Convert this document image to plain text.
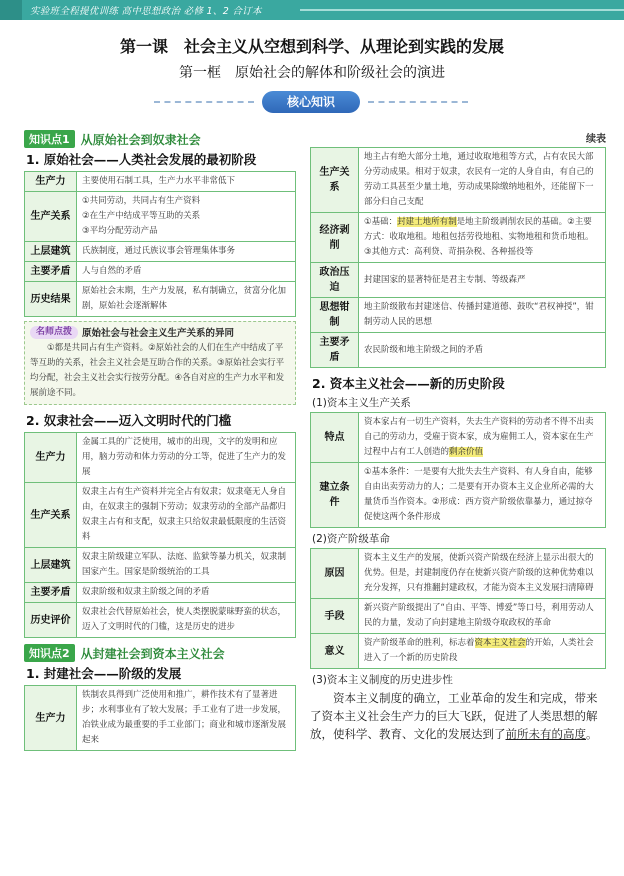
实验班全程提优训练 高中思想政治 必修 1、2 合订本
第一课　社会主义从空想到科学、从理论到实践的发展
第一框　原始社会的解体和阶级社会的演进
核心知识
知识点1 从原始社会到奴隶社会
1. 原始社会——人类社会发展的最初阶段
生产力	主要使用石制工具，生产力水平非常低下
生产关系	①共同劳动，共同占有生产资料
②在生产中结成平等互助的关系
③平均分配劳动产品
上层建筑	氏族制度，通过氏族议事会管理集体事务
主要矛盾	人与自然的矛盾
历史结果	原始社会末期，生产力发展，私有制确立，贫富分化加剧，原始社会逐渐解体
名师点拨	原始社会与社会主义生产关系的异同
①都是共同占有生产资料。②原始社会的人们在生产中结成了平等互助的关系，社会主义社会是互助合作的关系。③原始社会实行平均分配，社会主义社会实行按劳分配。④各自对应的生产力水平和发展前途不同。
2. 奴隶社会——迈入文明时代的门槛
生产力	金属工具的广泛使用，城市的出现，文字的发明和应用，脑力劳动和体力劳动的分工等，促进了生产力的发展
生产关系	奴隶主占有生产资料并完全占有奴隶；奴隶毫无人身自由，在奴隶主的强制下劳动；奴隶劳动的全部产品都归奴隶主占有和支配，奴隶主只给奴隶最低限度的生活资料
上层建筑	奴隶主阶级建立军队、法庭、监狱等暴力机关，奴隶制国家产生。国家是阶级统治的工具
主要矛盾	奴隶阶级和奴隶主阶级之间的矛盾
历史评价	奴隶社会代替原始社会，使人类摆脱蒙昧野蛮的状态，迈入了文明时代的门槛，这是历史的进步
知识点2 从封建社会到资本主义社会
1. 封建社会——阶级的发展
生产力	铁制农具得到广泛使用和推广，耕作技术有了显著进步；水利事业有了较大发展；手工业有了进一步发展，冶铁业成为最重要的手工业部门；商业和城市逐渐发展起来
续表
生产关系	地主占有绝大部分土地，通过收取地租等方式，占有农民大部分劳动成果。相对于奴隶，农民有一定的人身自由，有自己的劳动工具甚至少量土地，劳动成果除缴纳地租外，还能留下一部分归自己支配
经济剥削	①基础：封建土地所有制是地主阶级剥削农民的基础。②主要方式：收取地租。地租包括劳役地租、实物地租和货币地租。③其他方式：高利贷、苛捐杂税、各种摇役等
政治压迫	封建国家的显著特征是君主专制、等级森严
思想钳制	地主阶级散布封建迷信、传播封建道德、鼓吹“君权神授”，钳制劳动人民的思想
主要矛盾	农民阶级和地主阶级之间的矛盾
2. 资本主义社会——新的历史阶段
(1)资本主义生产关系
特点	资本家占有一切生产资料，失去生产资料的劳动者不得不出卖自己的劳动力，受雇于资本家，成为雇佣工人，资本家在生产过程中占有工人创造的剩余价值
建立条件	①基本条件：一是要有大批失去生产资料、有人身自由，能够自由出卖劳动力的人；二是要有开办资本主义企业所必需的大量货币当作资本。②形成：西方资产阶级依靠暴力，通过掠夺促使这两个条件形成
(2)资产阶级革命
原因	资本主义生产的发展，使新兴资产阶级在经济上显示出很大的优势。但是，封建制度仍存在使新兴资产阶级的这种优势难以充分发挥，只有推翻封建政权，才能为资本主义发展扫清障碍
手段	新兴资产阶级提出了“自由、平等、博爱”等口号，利用劳动人民的力量，发动了向封建地主阶级夺取政权的革命
意义	资产阶级革命的胜利，标志着资本主义社会的开始，人类社会进入了一个新的历史阶段
(3)资本主义制度的历史进步性
资本主义制度的确立，工业革命的发生和完成，带来了资本主义社会生产力的巨大飞跃，促进了人类思想的解放，使科学、教育、文化的发展达到了前所未有的高度。
